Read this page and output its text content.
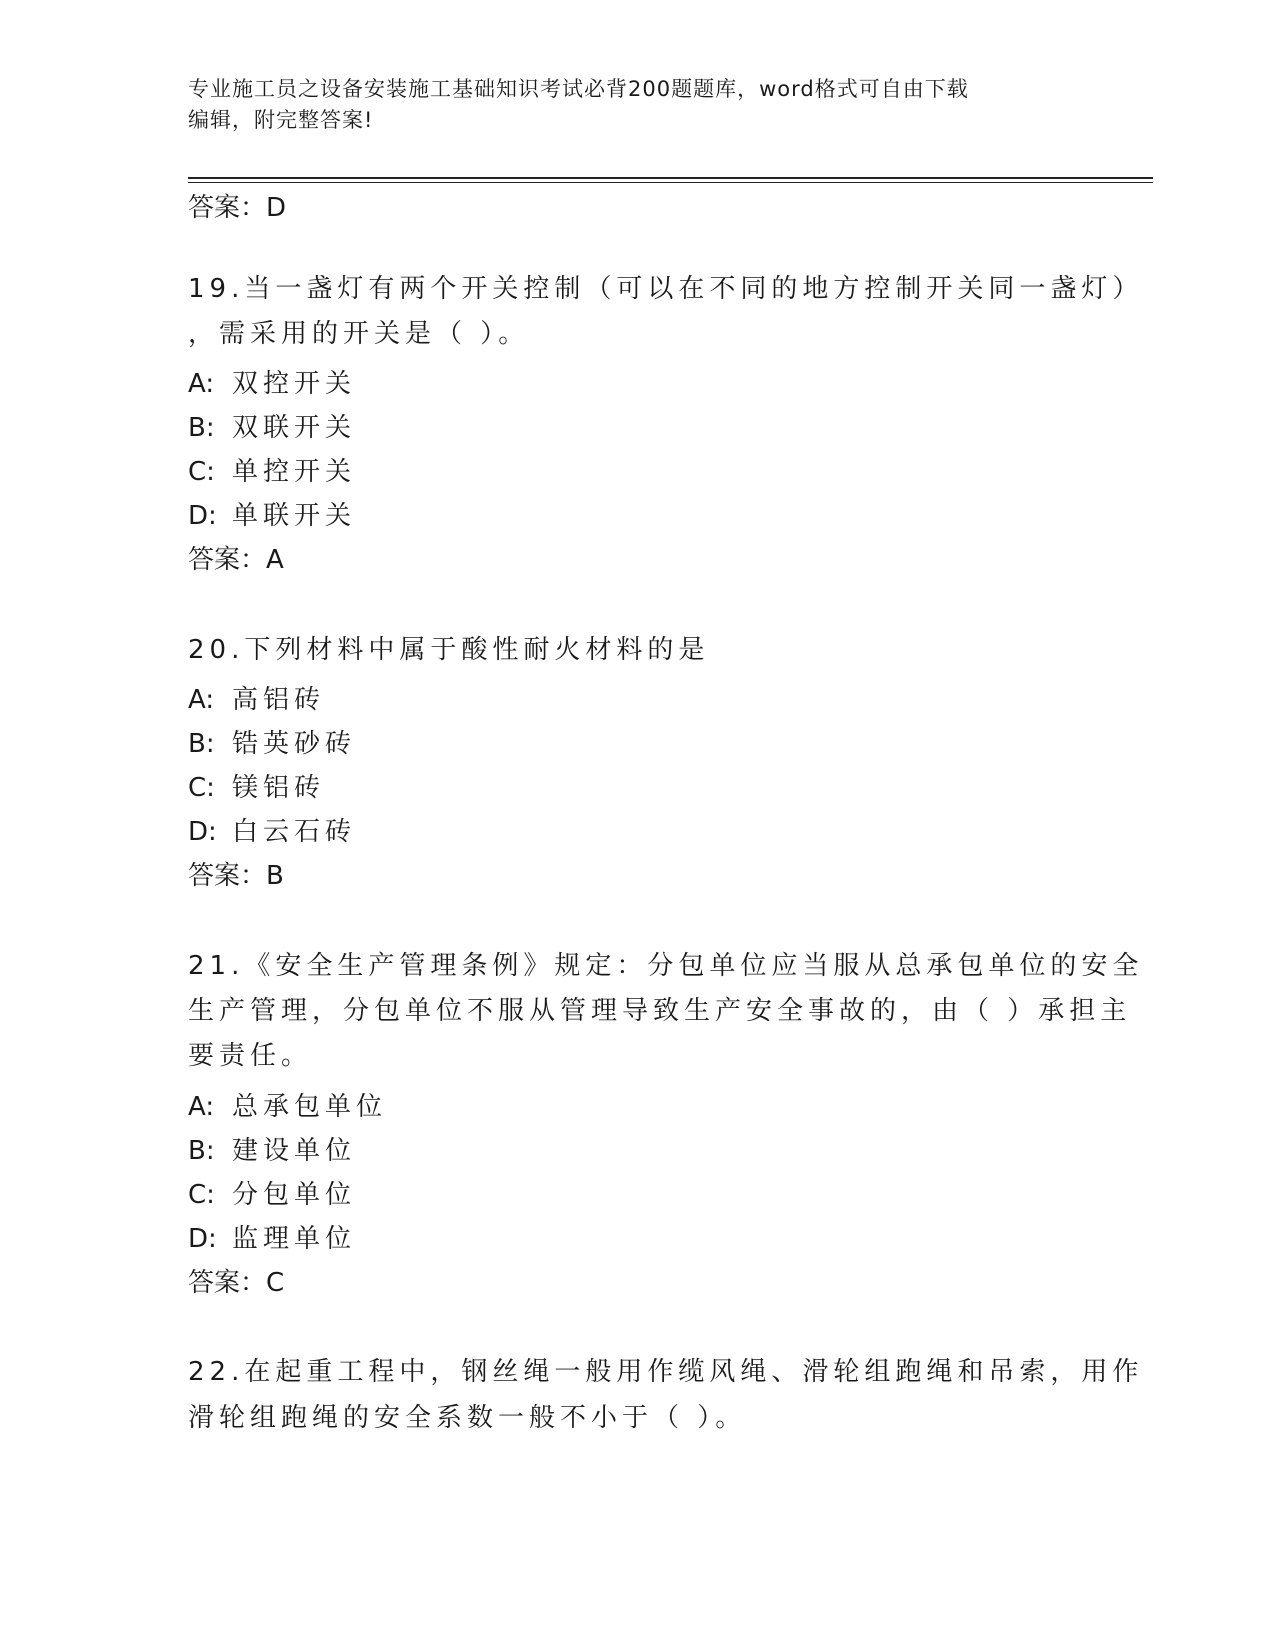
专业施工员之设备安装施工基础知识考试必背200题题库，word格式可自由下载
编辑，附完整答案!
答案：D
19.当一盏灯有两个开关控制（可以在不同的地方控制开关同一盏灯）
，需采用的开关是（ ）。
A: 双控开关
B: 双联开关
C: 单控开关
D: 单联开关
答案：A
20.下列材料中属于酸性耐火材料的是
A: 高铝砖
B: 锆英砂砖
C: 镁铝砖
D: 白云石砖
答案：B
21.《安全生产管理条例》规定：分包单位应当服从总承包单位的安全
生产管理，分包单位不服从管理导致生产安全事故的，由（ ）承担主
要责任。
A: 总承包单位
B: 建设单位
C: 分包单位
D: 监理单位
答案：C
22.在起重工程中，钢丝绳一般用作缆风绳、滑轮组跑绳和吊索，用作
滑轮组跑绳的安全系数一般不小于（ ）。
